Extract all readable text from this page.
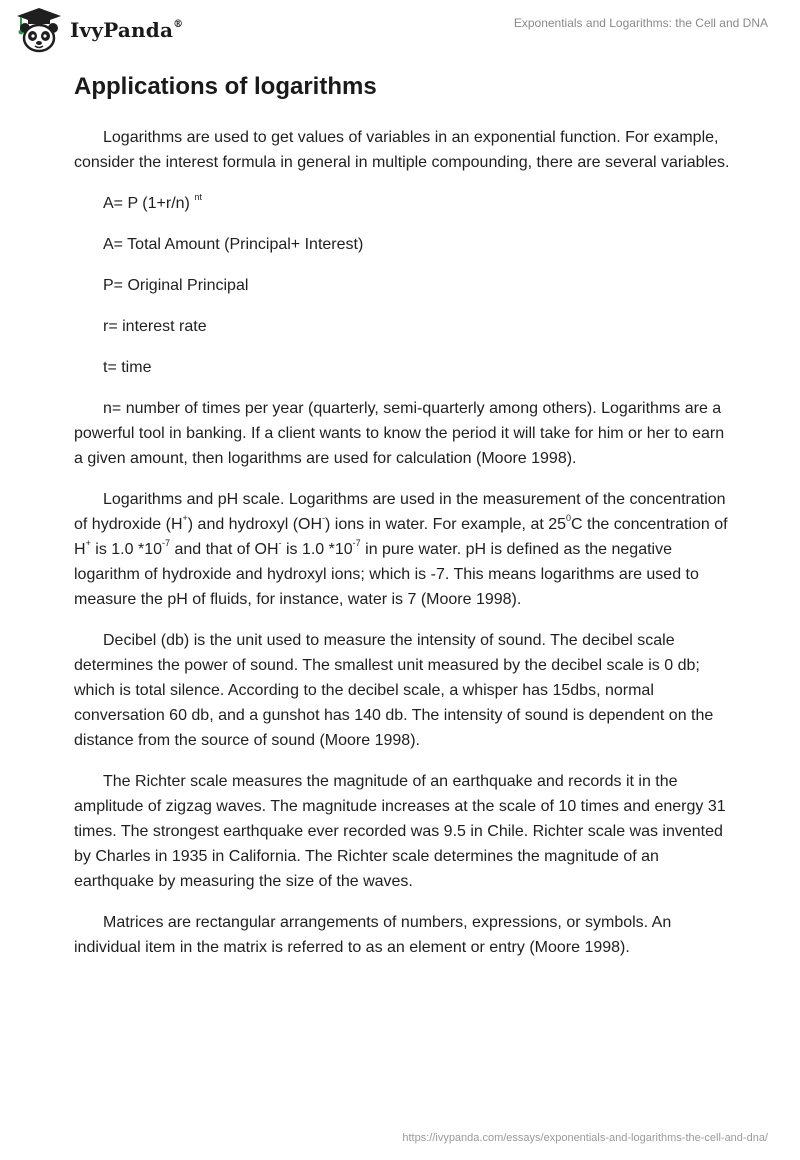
IvyPanda®	Exponentials and Logarithms: the Cell and DNA
Applications of logarithms

Logarithms are used to get values of variables in an exponential function. For example, consider the interest formula in general in multiple compounding, there are several variables.

A= P (1+r/n) $^{nt}$

A= Total Amount (Principal+ Interest)

P= Original Principal

r= interest rate

t= time

n= number of times per year (quarterly, semi-quarterly among others). Logarithms are a powerful tool in banking. If a client wants to know the period it will take for him or her to earn a given amount, then logarithms are used for calculation (Moore 1998).

Logarithms and pH scale. Logarithms are used in the measurement of the concentration of hydroxide (H+) and hydroxyl (OH-) ions in water. For example, at $25^0C$ the concentration of H+ is 1.0 $*10^{-7}$ and that of OH- is 1.0 $*10^{-7}$ in pure water. pH is defined as the negative logarithm of hydroxide and hydroxyl ions; which is -7. This means logarithms are used to measure the pH of fluids, for instance, water is 7 (Moore 1998).

Decibel (db) is the unit used to measure the intensity of sound. The decibel scale determines the power of sound. The smallest unit measured by the decibel scale is 0 db; which is total silence. According to the decibel scale, a whisper has 15dbs, normal conversation 60 db, and a gunshot has 140 db. The intensity of sound is dependent on the distance from the source of sound (Moore 1998).

The Richter scale measures the magnitude of an earthquake and records it in the amplitude of zigzag waves. The magnitude increases at the scale of 10 times and energy 31 times. The strongest earthquake ever recorded was 9.5 in Chile. Richter scale was invented by Charles in 1935 in California. The Richter scale determines the magnitude of an earthquake by measuring the size of the waves.

Matrices are rectangular arrangements of numbers, expressions, or symbols. An individual item in the matrix is referred to as an element or entry (Moore 1998).

https://ivypanda.com/essays/exponentials-and-logarithms-the-cell-and-dna/
